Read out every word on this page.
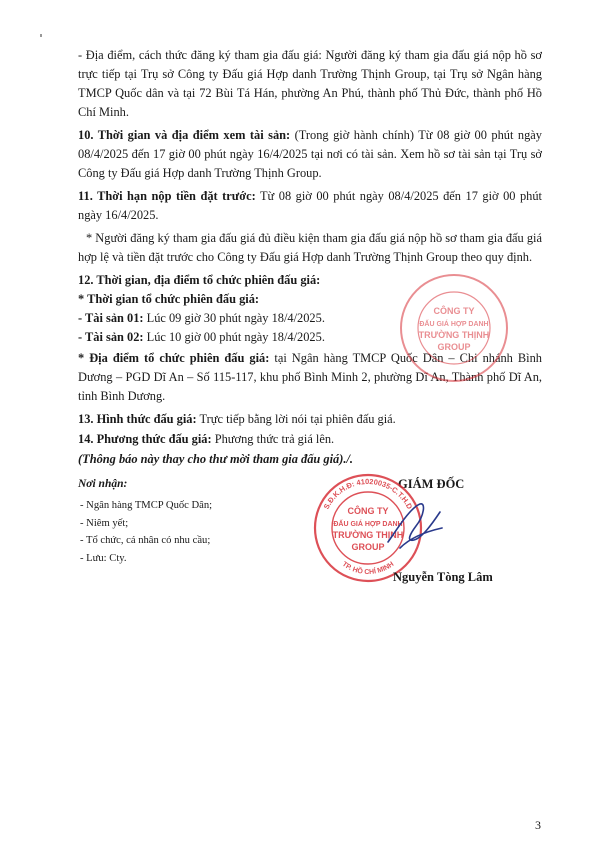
- Địa điểm, cách thức đăng ký tham gia đấu giá: Người đăng ký tham gia đấu giá nộp hồ sơ trực tiếp tại Trụ sở Công ty Đấu giá Hợp danh Trường Thịnh Group, tại Trụ sở Ngân hàng TMCP Quốc dân và tại 72 Bùi Tá Hán, phường An Phú, thành phố Thủ Đức, thành phố Hồ Chí Minh.

10. Thời gian và địa điểm xem tài sản: (Trong giờ hành chính) Từ 08 giờ 00 phút ngày 08/4/2025 đến 17 giờ 00 phút ngày 16/4/2025 tại nơi có tài sản. Xem hồ sơ tài sản tại Trụ sở Công ty Đấu giá Hợp danh Trường Thịnh Group.

11. Thời hạn nộp tiền đặt trước: Từ 08 giờ 00 phút ngày 08/4/2025 đến 17 giờ 00 phút ngày 16/4/2025.

* Người đăng ký tham gia đấu giá đủ điều kiện tham gia đấu giá nộp hồ sơ tham gia đấu giá hợp lệ và tiền đặt trước cho Công ty Đấu giá Hợp danh Trường Thịnh Group theo quy định.

12. Thời gian, địa điểm tổ chức phiên đấu giá:

* Thời gian tổ chức phiên đấu giá:

- Tài sản 01: Lúc 09 giờ 30 phút ngày 18/4/2025.

- Tài sản 02: Lúc 10 giờ 00 phút ngày 18/4/2025.

* Địa điểm tổ chức phiên đấu giá: tại Ngân hàng TMCP Quốc Dân – Chi nhánh Bình Dương – PGD Dĩ An – Số 115-117, khu phố Bình Minh 2, phường Dĩ An, Thành phố Dĩ An, tỉnh Bình Dương.

13. Hình thức đấu giá: Trực tiếp bằng lời nói tại phiên đấu giá.

14. Phương thức đấu giá: Phương thức trả giá lên.

(Thông báo này thay cho thư mời tham gia đấu giá)./.

Nơi nhận:
- Ngân hàng TMCP Quốc Dân;
- Niêm yết;
- Tổ chức, cá nhân có nhu cầu;
- Lưu: Cty.
GIÁM ĐỐC
S.Đ.K.H.Đ: 41020035-C.T.H.D
TP. HỒ CHÍ MINH
CÔNG TY
ĐẤU GIÁ HỢP DANH
TRƯỜNG THỊNH
GROUP
CÔNG TY
ĐẤU GIÁ HỢP DANH
TRƯỜNG THỊNH
GROUP
Nguyễn Tòng Lâm
3
